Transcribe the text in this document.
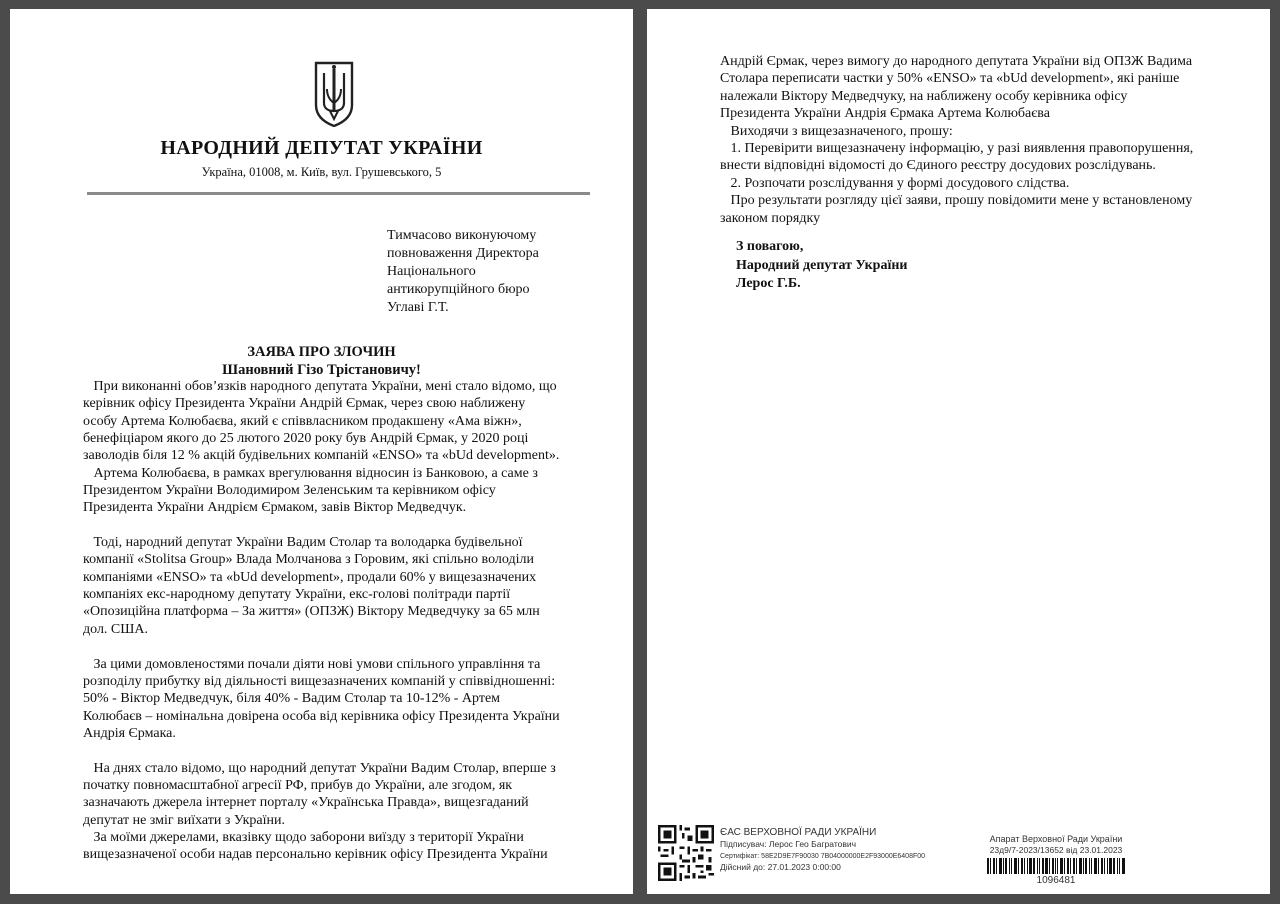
НАРОДНИЙ ДЕПУТАТ УКРАЇНИ
Україна, 01008, м. Київ, вул. Грушевського, 5
Тимчасово виконуючому
повноваження Директора
Національного
антикорупційного бюро
Углаві Г.Т.
ЗАЯВА ПРО ЗЛОЧИН
Шановний Гізо Трістановичу!

При виконанні обов’язків народного депутата України, мені стало відомо, що
керівник офісу Президента України Андрій Єрмак, через свою наближену
особу Артема Колюбаєва, який є співвласником продакшену «Ама віжн»,
бенефіціаром якого до 25 лютого 2020 року був Андрій Єрмак, у 2020 році
заволодів біля 12 % акцій будівельних компаній «ENSO» та «bUd development».

Артема Колюбаєва, в рамках врегулювання відносин із Банковою, а саме з
Президентом України Володимиром Зеленським та керівником офісу
Президента України Андрієм Єрмаком, завів Віктор Медведчук.

Тоді, народний депутат України Вадим Столар та володарка будівельної
компанії «Stolitsa Group» Влада Молчанова з Горовим, які спільно володіли
компаніями «ENSO» та «bUd development», продали 60% у вищезазначених
компаніях екс-народному депутату України, екс-голові політради партії
«Опозиційна платформа – За життя» (ОПЗЖ) Віктору Медведчуку за 65 млн
дол. США.

За цими домовленостями почали діяти нові умови спільного управління та
розподілу прибутку від діяльності вищезазначених компаній у співвідношенні:
50% - Віктор Медведчук, біля 40% - Вадим Столар та 10-12% - Артем
Колюбаєв – номінальна довірена особа від керівника офісу Президента України
Андрія Єрмака.

На днях стало відомо, що народний депутат України Вадим Столар, вперше з
початку повномасштабної агресії РФ, прибув до України, але згодом, як
зазначають джерела інтернет порталу «Українська Правда», вищезгаданий
депутат не зміг виїхати з України.

За моїми джерелами, вказівку щодо заборони виїзду з території України
вищезазначеної особи надав персонально керівник офісу Президента України

Андрій Єрмак, через вимогу до народного депутата України від ОПЗЖ Вадима
Столара переписати частки у 50% «ENSO» та «bUd development», які раніше
належали Віктору Медведчуку, на наближену особу керівника офісу
Президента України Андрія Єрмака Артема Колюбаєва
Виходячи з вищезазначеного, прошу:
1. Перевірити вищезазначену інформацію, у разі виявлення правопорушення,
внести відповідні відомості до Єдиного реєстру досудових розслідувань.
2. Розпочати розслідування у формі досудового слідства.
Про результати розгляду цієї заяви, прошу повідомити мене у встановленому
законом порядку
З повагою,
Народний депутат України
Лерос Г.Б.
ЄАС ВЕРХОВНОЇ РАДИ УКРАЇНИ
Підписувач: Лерос Гео Багратович
Сертифікат: 58E2D9E7F90030 7B04000000E2F93000E6408F00
Дійсний до: 27.01.2023 0:00:00
Апарат Верховної Ради України
23д9/7-2023/13652 від 23.01.2023
1096481
